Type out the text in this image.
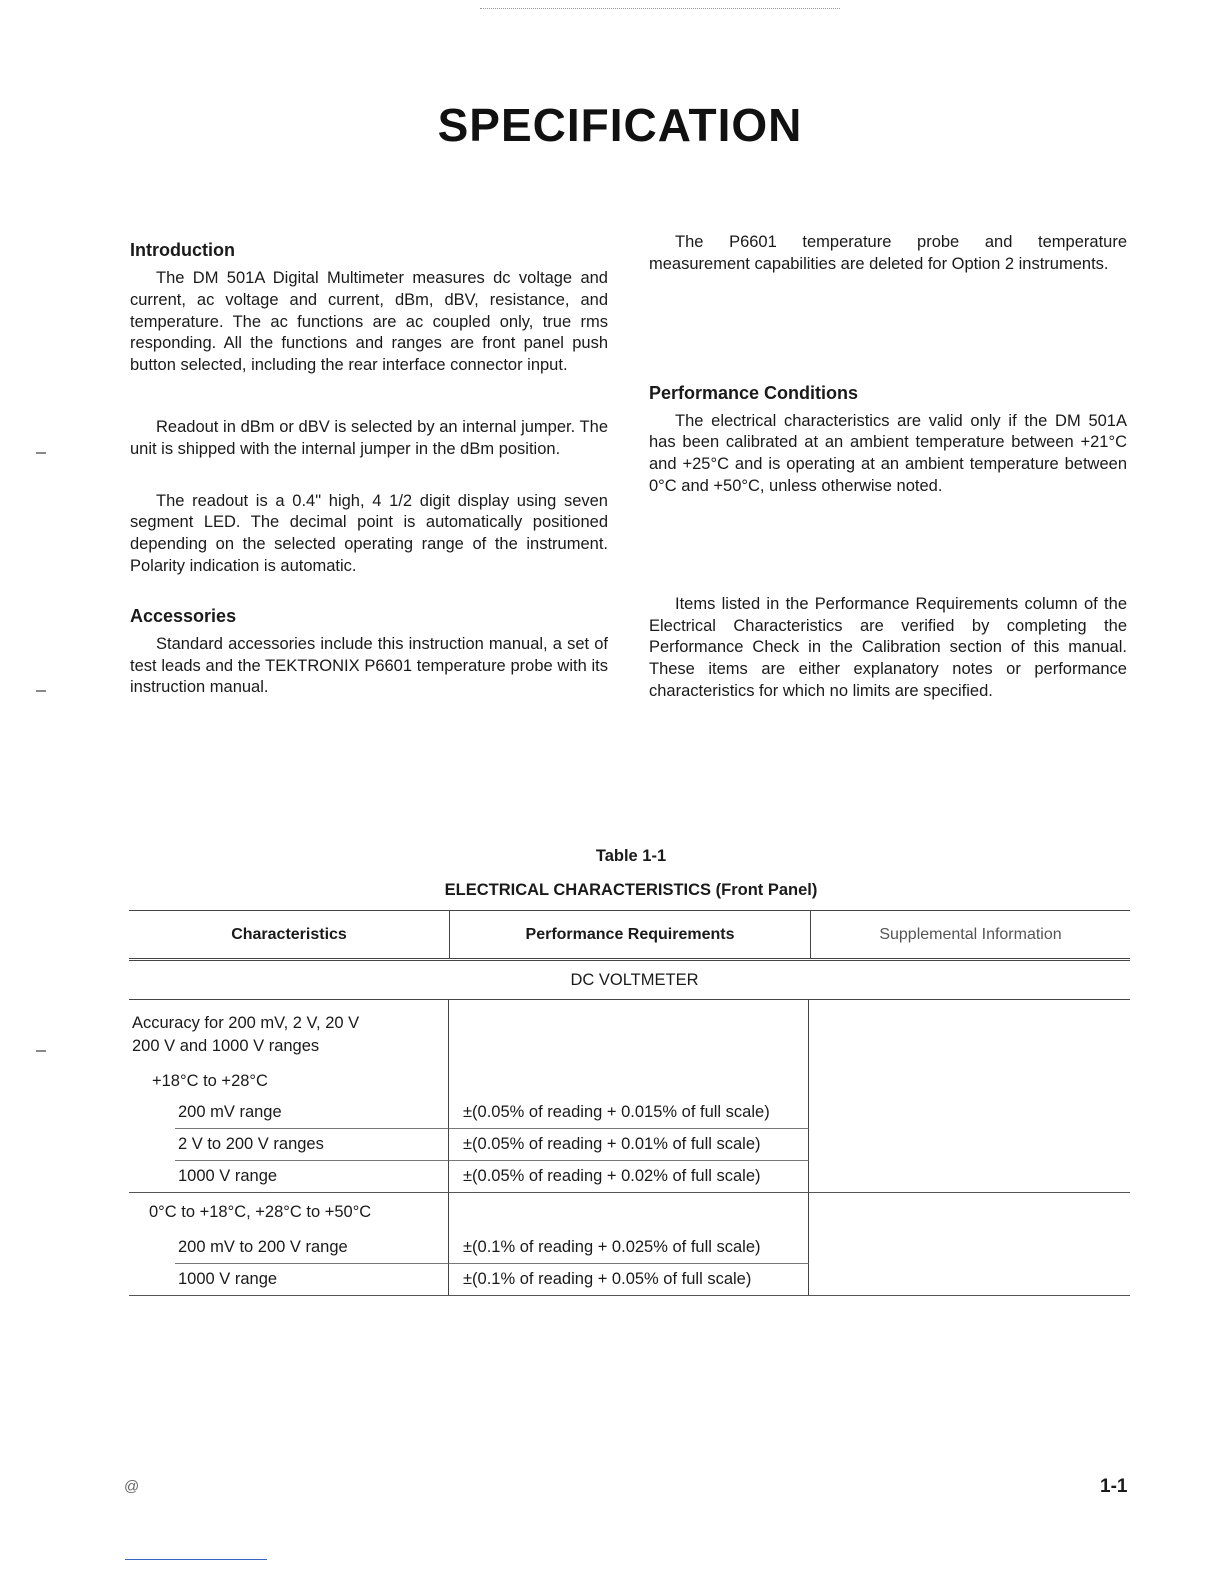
SPECIFICATION
Introduction

The DM 501A Digital Multimeter measures dc voltage and current, ac voltage and current, dBm, dBV, resistance, and temperature. The ac functions are ac coupled only, true rms responding. All the functions and ranges are front panel push button selected, including the rear interface connector input.

Readout in dBm or dBV is selected by an internal jumper. The unit is shipped with the internal jumper in the dBm position.

The readout is a 0.4" high, 4 1/2 digit display using seven segment LED. The decimal point is automatically positioned depending on the selected operating range of the instrument. Polarity indication is automatic.

Accessories

Standard accessories include this instruction manual, a set of test leads and the TEKTRONIX P6601 temperature probe with its instruction manual.

The P6601 temperature probe and temperature measurement capabilities are deleted for Option 2 instruments.

Performance Conditions

The electrical characteristics are valid only if the DM 501A has been calibrated at an ambient temperature between +21°C and +25°C and is operating at an ambient temperature between 0°C and +50°C, unless otherwise noted.

Items listed in the Performance Requirements column of the Electrical Characteristics are verified by completing the Performance Check in the Calibration section of this manual. These items are either explanatory notes or performance characteristics for which no limits are specified.

Table 1-1
ELECTRICAL CHARACTERISTICS (Front Panel)
Characteristics	Performance Requirements	Supplemental Information
DC VOLTMETER
Accuracy for 200 mV, 2 V, 20 V
200 V and 1000 V ranges
+18°C to +28°C
200 mV range	±(0.05% of reading + 0.015% of full scale)
2 V to 200 V ranges	±(0.05% of reading + 0.01% of full scale)
1000 V range	±(0.05% of reading + 0.02% of full scale)
0°C to +18°C, +28°C to +50°C
200 mV to 200 V range	±(0.1% of reading + 0.025% of full scale)
1000 V range	±(0.1% of reading + 0.05% of full scale)
@	1-1
